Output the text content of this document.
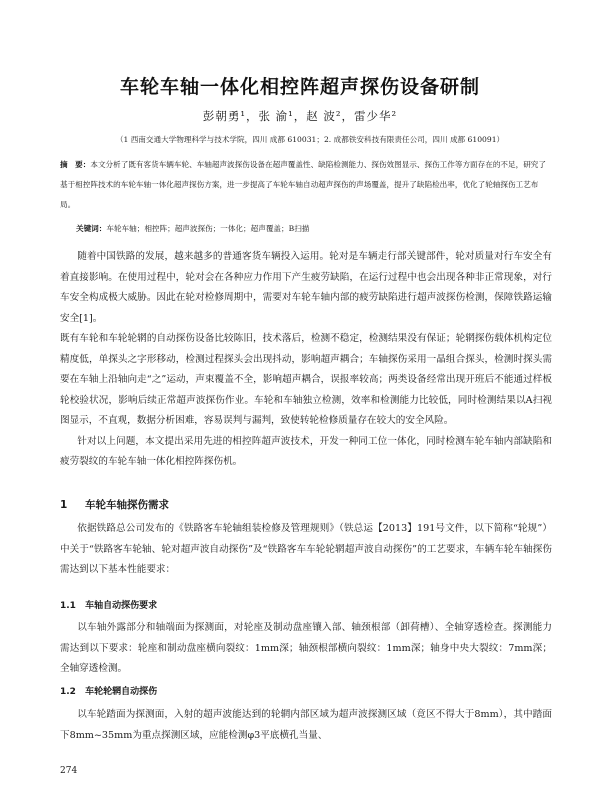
车轮车轴一体化相控阵超声探伤设备研制
彭朝勇¹，张 渝¹，赵 波²，雷少华²
（1 西南交通大学物理科学与技术学院，四川 成都 610031；2. 成都铁安科技有限责任公司，四川 成都 610091）
摘　要：本文分析了既有客货车辆车轮、车轴超声波探伤设备在超声覆盖性、缺陷检测能力、探伤效图显示、探伤工作等方面存在的不足，研究了基于相控阵技术的车轮车轴一体化超声探伤方案，进一步提高了车轮车轴自动超声探伤的声场覆盖，提升了缺陷检出率，优化了轮轴探伤工艺布局。
关键词：车轮车轴；相控阵；超声波探伤；一体化；超声覆盖；B扫描

随着中国铁路的发展，越来越多的普通客货车辆投入运用。轮对是车辆走行部关键部件，轮对质量对行车安全有着直接影响。在使用过程中，轮对会在各种应力作用下产生疲劳缺陷，在运行过程中也会出现各种非正常现象，对行车安全构成极大威胁。因此在轮对检修周期中，需要对车轮车轴内部的疲劳缺陷进行超声波探伤检测，保障铁路运输安全[1]。

既有车轮和车轮轮辋的自动探伤设备比较陈旧，技术落后，检测不稳定，检测结果没有保证；轮辋探伤载体机构定位精度低，单探头之字形移动，检测过程探头会出现抖动，影响超声耦合；车轴探伤采用一晶组合探头，检测时探头需要在车轴上沿轴向走“之”运动，声束覆盖不全，影响超声耦合，误报率较高；两类设备经常出现开班后不能通过样板轮校验状况，影响后续正常超声波探伤作业。车轮和车轴独立检测，效率和检测能力比较低，同时检测结果以A扫视图显示，不直观，数据分析困难，容易误判与漏判，致使转轮检修质量存在较大的安全风险。

针对以上问题，本文提出采用先进的相控阵超声波技术，开发一种同工位一体化，同时检测车轮车轴内部缺陷和疲劳裂纹的车轮车轴一体化相控阵探伤机。

1 车轮车轴探伤需求

依据铁路总公司发布的《铁路客车轮轴组装检修及管理规则》（铁总运【2013】191号文件，以下简称“轮规”）中关于“铁路客车轮轴、轮对超声波自动探伤”及“铁路客车车轮轮辋超声波自动探伤”的工艺要求，车辆车轮车轴探伤需达到以下基本性能要求：

1.1 车轴自动探伤要求

以车轴外露部分和轴端面为探测面，对轮座及制动盘座镶入部、轴颈根部（卸荷槽）、全轴穿透检查。探测能力需达到以下要求：轮座和制动盘座横向裂纹：1mm深；轴颈根部横向裂纹：1mm深；轴身中央大裂纹：7mm深；全轴穿透检测。

1.2 车轮轮辋自动探伤

以车轮踏面为探测面，入射的超声波能达到的轮辋内部区域为超声波探测区域（竟区不得大于8mm），其中踏面下8mm~35mm为重点探测区域，应能检测φ3平底横孔当量、

274
